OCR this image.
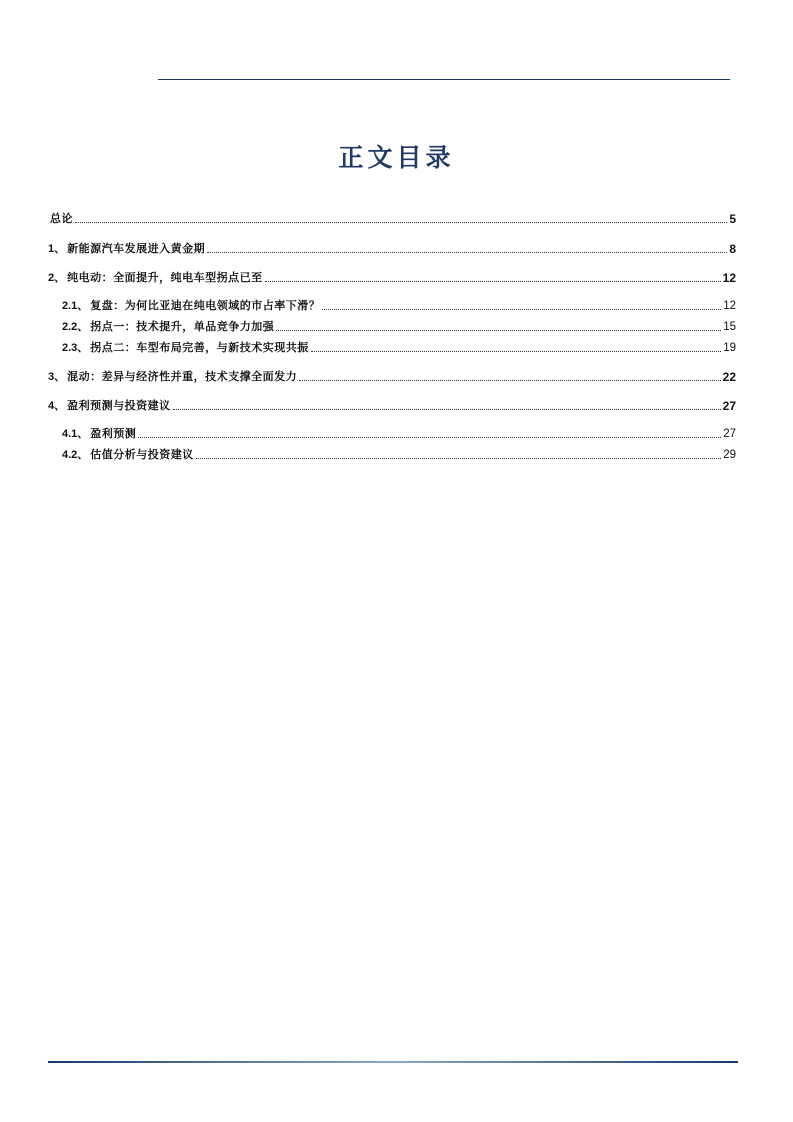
正文目录
总论	5
1、 新能源汽车发展进入黄金期	8
2、 纯电动：全面提升，纯电车型拐点已至	12
2.1、 复盘：为何比亚迪在纯电领域的市占率下滑？	12
2.2、 拐点一：技术提升，单品竞争力加强	15
2.3、 拐点二：车型布局完善，与新技术实现共振	19
3、 混动：差异与经济性并重，技术支撑全面发力	22
4、 盈利预测与投资建议	27
4.1、 盈利预测	27
4.2、 估值分析与投资建议	29
